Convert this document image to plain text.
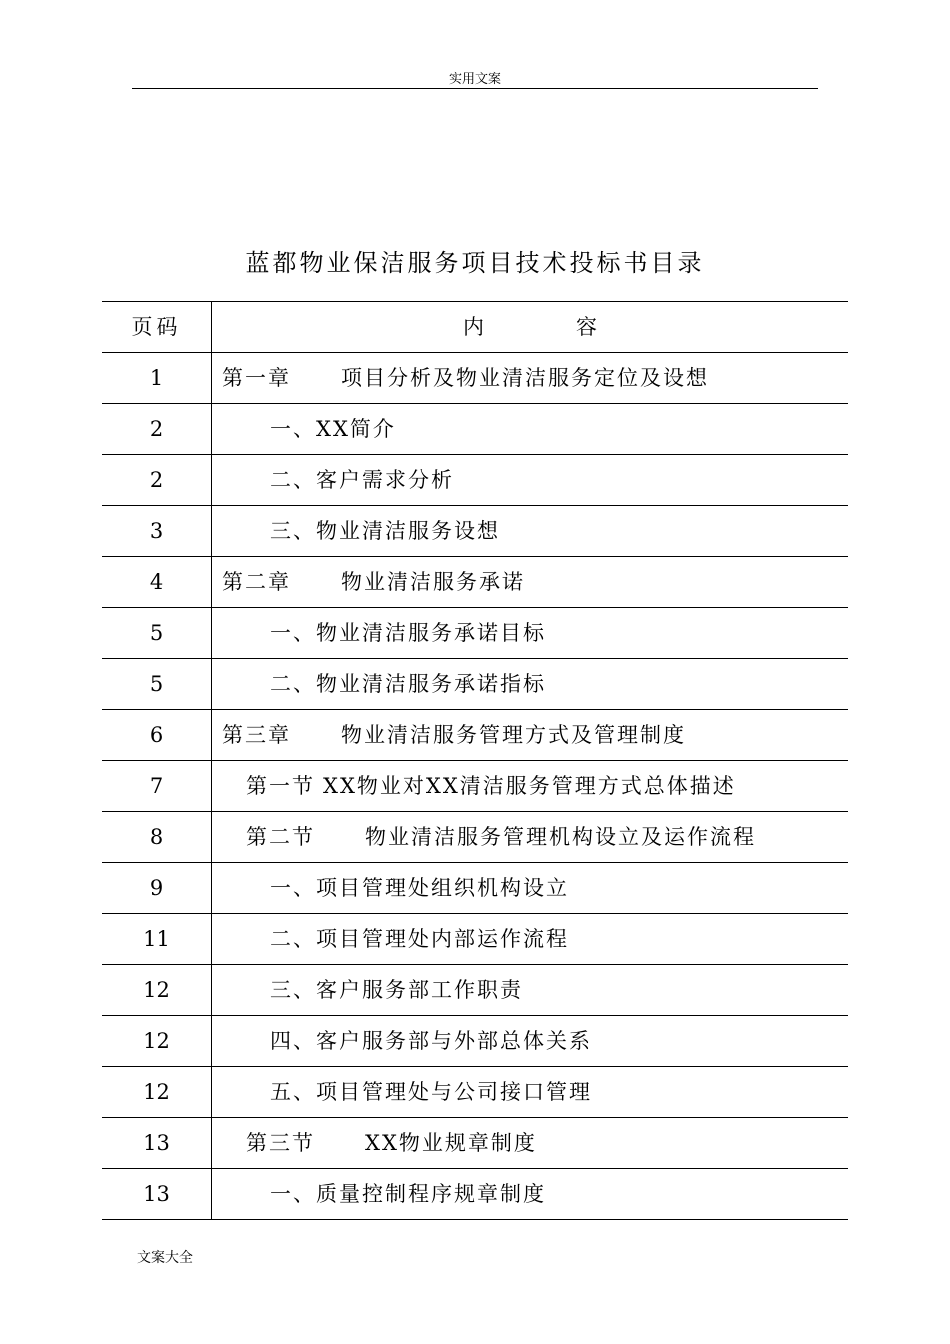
实用文案
蓝都物业保洁服务项目技术投标书目录
页码	内 容
1	第一章 项目分析及物业清洁服务定位及设想
2	一、XX简介
2	二、客户需求分析
3	三、物业清洁服务设想
4	第二章 物业清洁服务承诺
5	一、物业清洁服务承诺目标
5	二、物业清洁服务承诺指标
6	第三章 物业清洁服务管理方式及管理制度
7	第一节 XX物业对XX清洁服务管理方式总体描述
8	第二节 物业清洁服务管理机构设立及运作流程
9	一、项目管理处组织机构设立
11	二、项目管理处内部运作流程
12	三、客户服务部工作职责
12	四、客户服务部与外部总体关系
12	五、项目管理处与公司接口管理
13	第三节 XX物业规章制度
13	一、质量控制程序规章制度
文案大全
